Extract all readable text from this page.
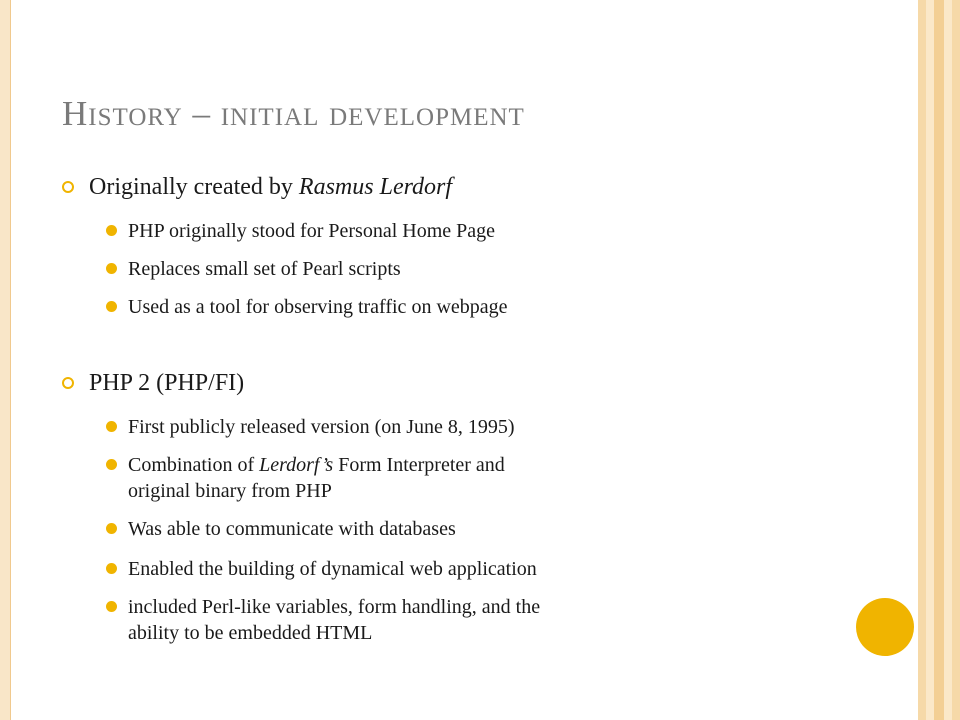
History – initial development
Originally created by Rasmus Lerdorf
PHP originally stood for Personal Home Page
Replaces small set of Pearl scripts
Used as a tool for observing traffic on webpage
PHP 2 (PHP/FI)
First publicly released version (on June 8, 1995)
Combination of Lerdorf’s Form Interpreter and
original binary from PHP
Was able to communicate with databases
Enabled the building of dynamical web application
included Perl-like variables, form handling, and the
ability to be embedded HTML
